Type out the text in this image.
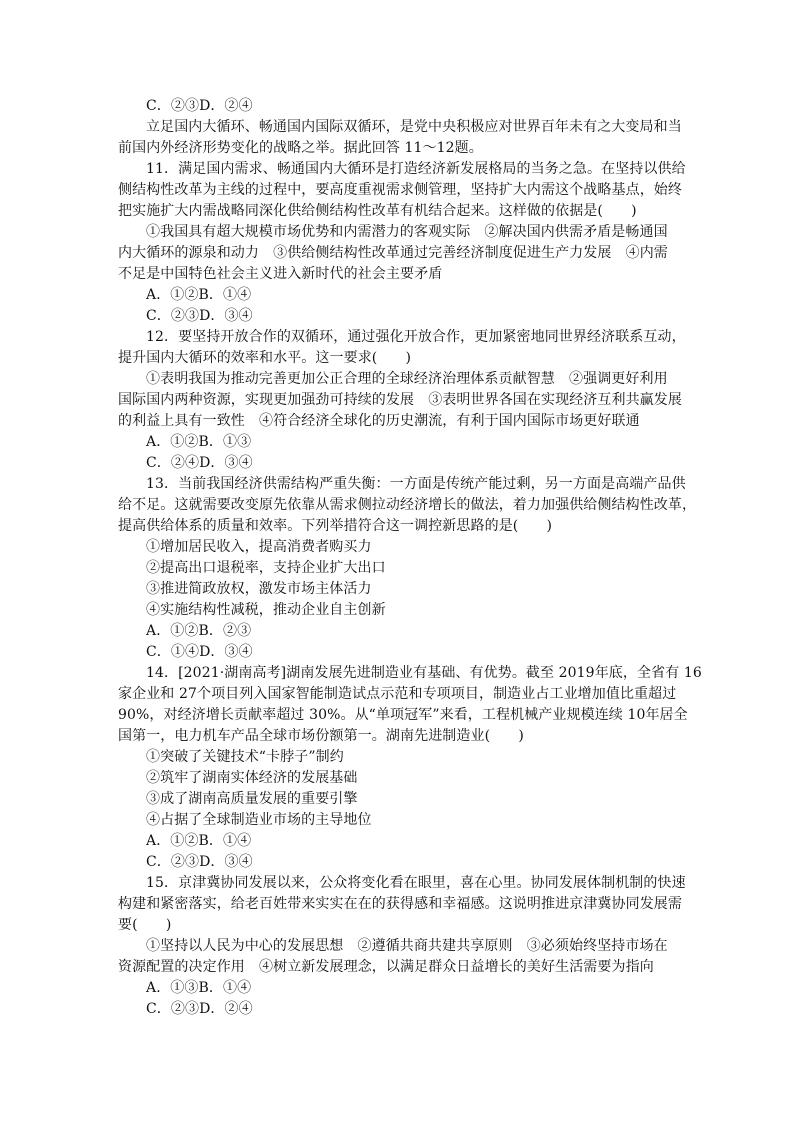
C．②③D．②④
立足国内大循环、畅通国内国际双循环，是党中央积极应对世界百年未有之大变局和当
前国内外经济形势变化的战略之举。据此回答 11～12题。
11．满足国内需求、畅通国内大循环是打造经济新发展格局的当务之急。在坚持以供给
侧结构性改革为主线的过程中，要高度重视需求侧管理，坚持扩大内需这个战略基点，始终
把实施扩大内需战略同深化供给侧结构性改革有机结合起来。这样做的依据是(　　)
①我国具有超大规模市场优势和内需潜力的客观实际　②解决国内供需矛盾是畅通国
内大循环的源泉和动力　③供给侧结构性改革通过完善经济制度促进生产力发展　④内需
不足是中国特色社会主义进入新时代的社会主要矛盾
A．①②B．①④
C．②③D．③④
12．要坚持开放合作的双循环，通过强化开放合作，更加紧密地同世界经济联系互动，
提升国内大循环的效率和水平。这一要求(　　)
①表明我国为推动完善更加公正合理的全球经济治理体系贡献智慧　②强调更好利用
国际国内两种资源，实现更加强劲可持续的发展　③表明世界各国在实现经济互利共赢发展
的利益上具有一致性　④符合经济全球化的历史潮流，有利于国内国际市场更好联通
A．①②B．①③
C．②④D．③④
13．当前我国经济供需结构严重失衡：一方面是传统产能过剩，另一方面是高端产品供
给不足。这就需要改变原先依靠从需求侧拉动经济增长的做法，着力加强供给侧结构性改革，
提高供给体系的质量和效率。下列举措符合这一调控新思路的是(　　)
①增加居民收入，提高消费者购买力
②提高出口退税率，支持企业扩大出口
③推进简政放权，激发市场主体活力
④实施结构性减税，推动企业自主创新
A．①②B．②③
C．①④D．③④
14．[2021·湖南高考]湖南发展先进制造业有基础、有优势。截至 2019年底，全省有 16
家企业和 27个项目列入国家智能制造试点示范和专项项目，制造业占工业增加值比重超过
90%，对经济增长贡献率超过 30%。从“单项冠军”来看，工程机械产业规模连续 10年居全
国第一，电力机车产品全球市场份额第一。湖南先进制造业(　　)
①突破了关键技术“卡脖子”制约
②筑牢了湖南实体经济的发展基础
③成了湖南高质量发展的重要引擎
④占据了全球制造业市场的主导地位
A．①②B．①④
C．②③D．③④
15．京津冀协同发展以来，公众将变化看在眼里，喜在心里。协同发展体制机制的快速
构建和紧密落实，给老百姓带来实实在在的获得感和幸福感。这说明推进京津冀协同发展需
要(　　)
①坚持以人民为中心的发展思想　②遵循共商共建共享原则　③必须始终坚持市场在
资源配置的决定作用　④树立新发展理念，以满足群众日益增长的美好生活需要为指向
A．①③B．①④
C．②③D．②④
